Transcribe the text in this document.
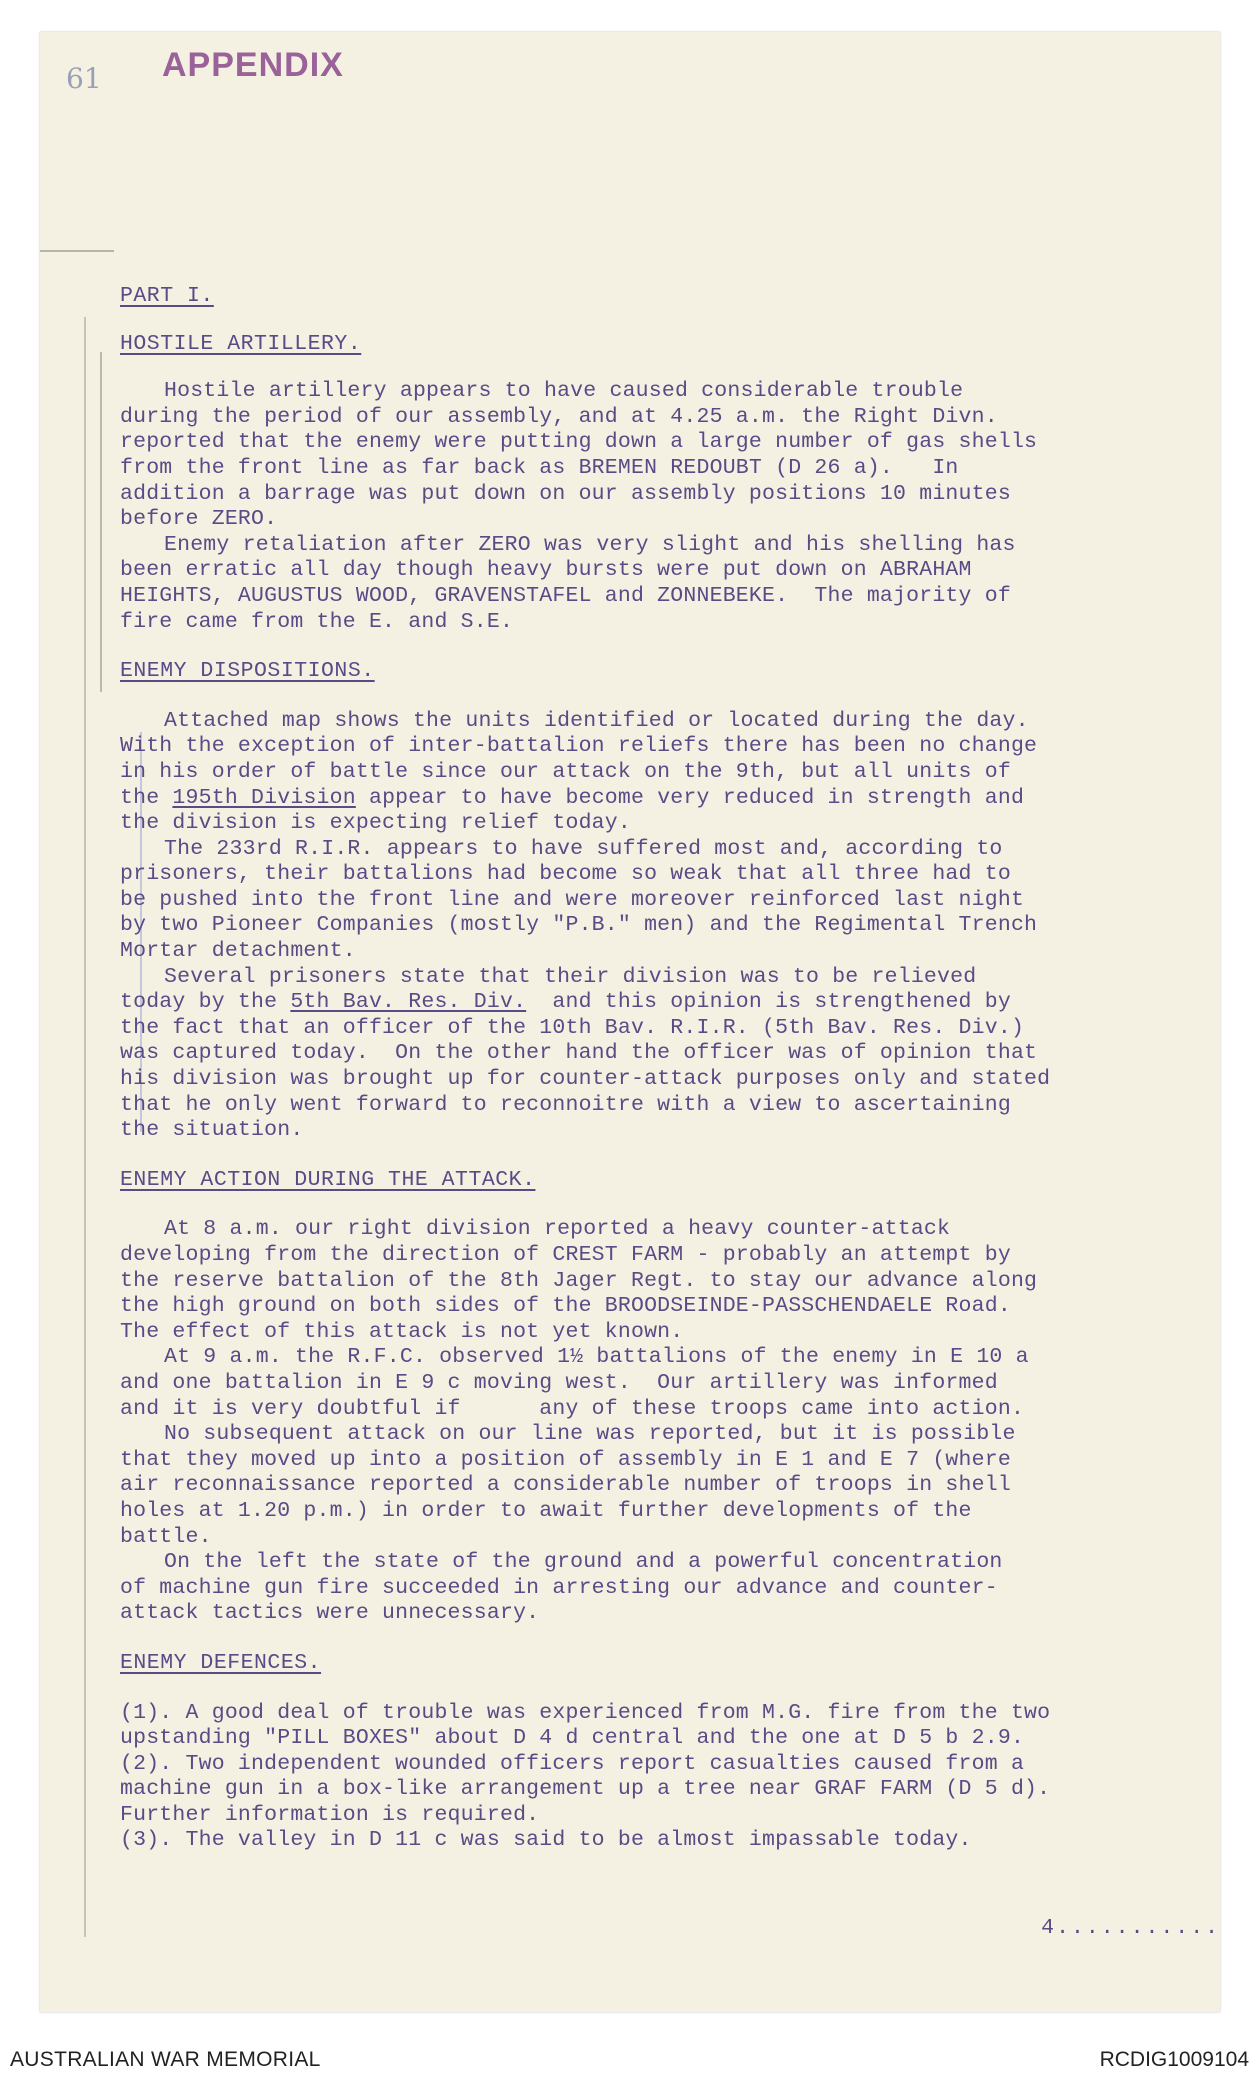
61 APPENDIX
PART I.
HOSTILE ARTILLERY.

Hostile artillery appears to have caused considerable trouble

during the period of our assembly, and at 4.25 a.m. the Right Divn.

reported that the enemy were putting down a large number of gas shells

from the front line as far back as BREMEN REDOUBT (D 26 a).   In

addition a barrage was put down on our assembly positions 10 minutes

before ZERO.

Enemy retaliation after ZERO was very slight and his shelling has

been erratic all day though heavy bursts were put down on ABRAHAM

HEIGHTS, AUGUSTUS WOOD, GRAVENSTAFEL and ZONNEBEKE.  The majority of

fire came from the E. and S.E.

ENEMY DISPOSITIONS.

Attached map shows the units identified or located during the day.

With the exception of inter-battalion reliefs there has been no change

in his order of battle since our attack on the 9th, but all units of

the 195th Division appear to have become very reduced in strength and

the division is expecting relief today.

The 233rd R.I.R. appears to have suffered most and, according to

prisoners, their battalions had become so weak that all three had to

be pushed into the front line and were moreover reinforced last night

by two Pioneer Companies (mostly "P.B." men) and the Regimental Trench

Mortar detachment.

Several prisoners state that their division was to be relieved

today by the 5th Bav. Res. Div.  and this opinion is strengthened by

the fact that an officer of the 10th Bav. R.I.R. (5th Bav. Res. Div.)

was captured today.  On the other hand the officer was of opinion that

his division was brought up for counter-attack purposes only and stated

that he only went forward to reconnoitre with a view to ascertaining

the situation.

ENEMY ACTION DURING THE ATTACK.

At 8 a.m. our right division reported a heavy counter-attack

developing from the direction of CREST FARM - probably an attempt by

the reserve battalion of the 8th Jager Regt. to stay our advance along

the high ground on both sides of the BROODSEINDE-PASSCHENDAELE Road.

The effect of this attack is not yet known.

At 9 a.m. the R.F.C. observed 1½ battalions of the enemy in E 10 a

and one battalion in E 9 c moving west.  Our artillery was informed

and it is very doubtful if      any of these troops came into action.

No subsequent attack on our line was reported, but it is possible

that they moved up into a position of assembly in E 1 and E 7 (where

air reconnaissance reported a considerable number of troops in shell

holes at 1.20 p.m.) in order to await further developments of the

battle.

On the left the state of the ground and a powerful concentration

of machine gun fire succeeded in arresting our advance and counter-

attack tactics were unnecessary.

ENEMY DEFENCES.

(1). A good deal of trouble was experienced from M.G. fire from the two

upstanding "PILL BOXES" about D 4 d central and the one at D 5 b 2.9.

(2). Two independent wounded officers report casualties caused from a

machine gun in a box-like arrangement up a tree near GRAF FARM (D 5 d).

Further information is required.

(3). The valley in D 11 c was said to be almost impassable today.

4...........
AUSTRALIAN WAR MEMORIAL	RCDIG1009104
